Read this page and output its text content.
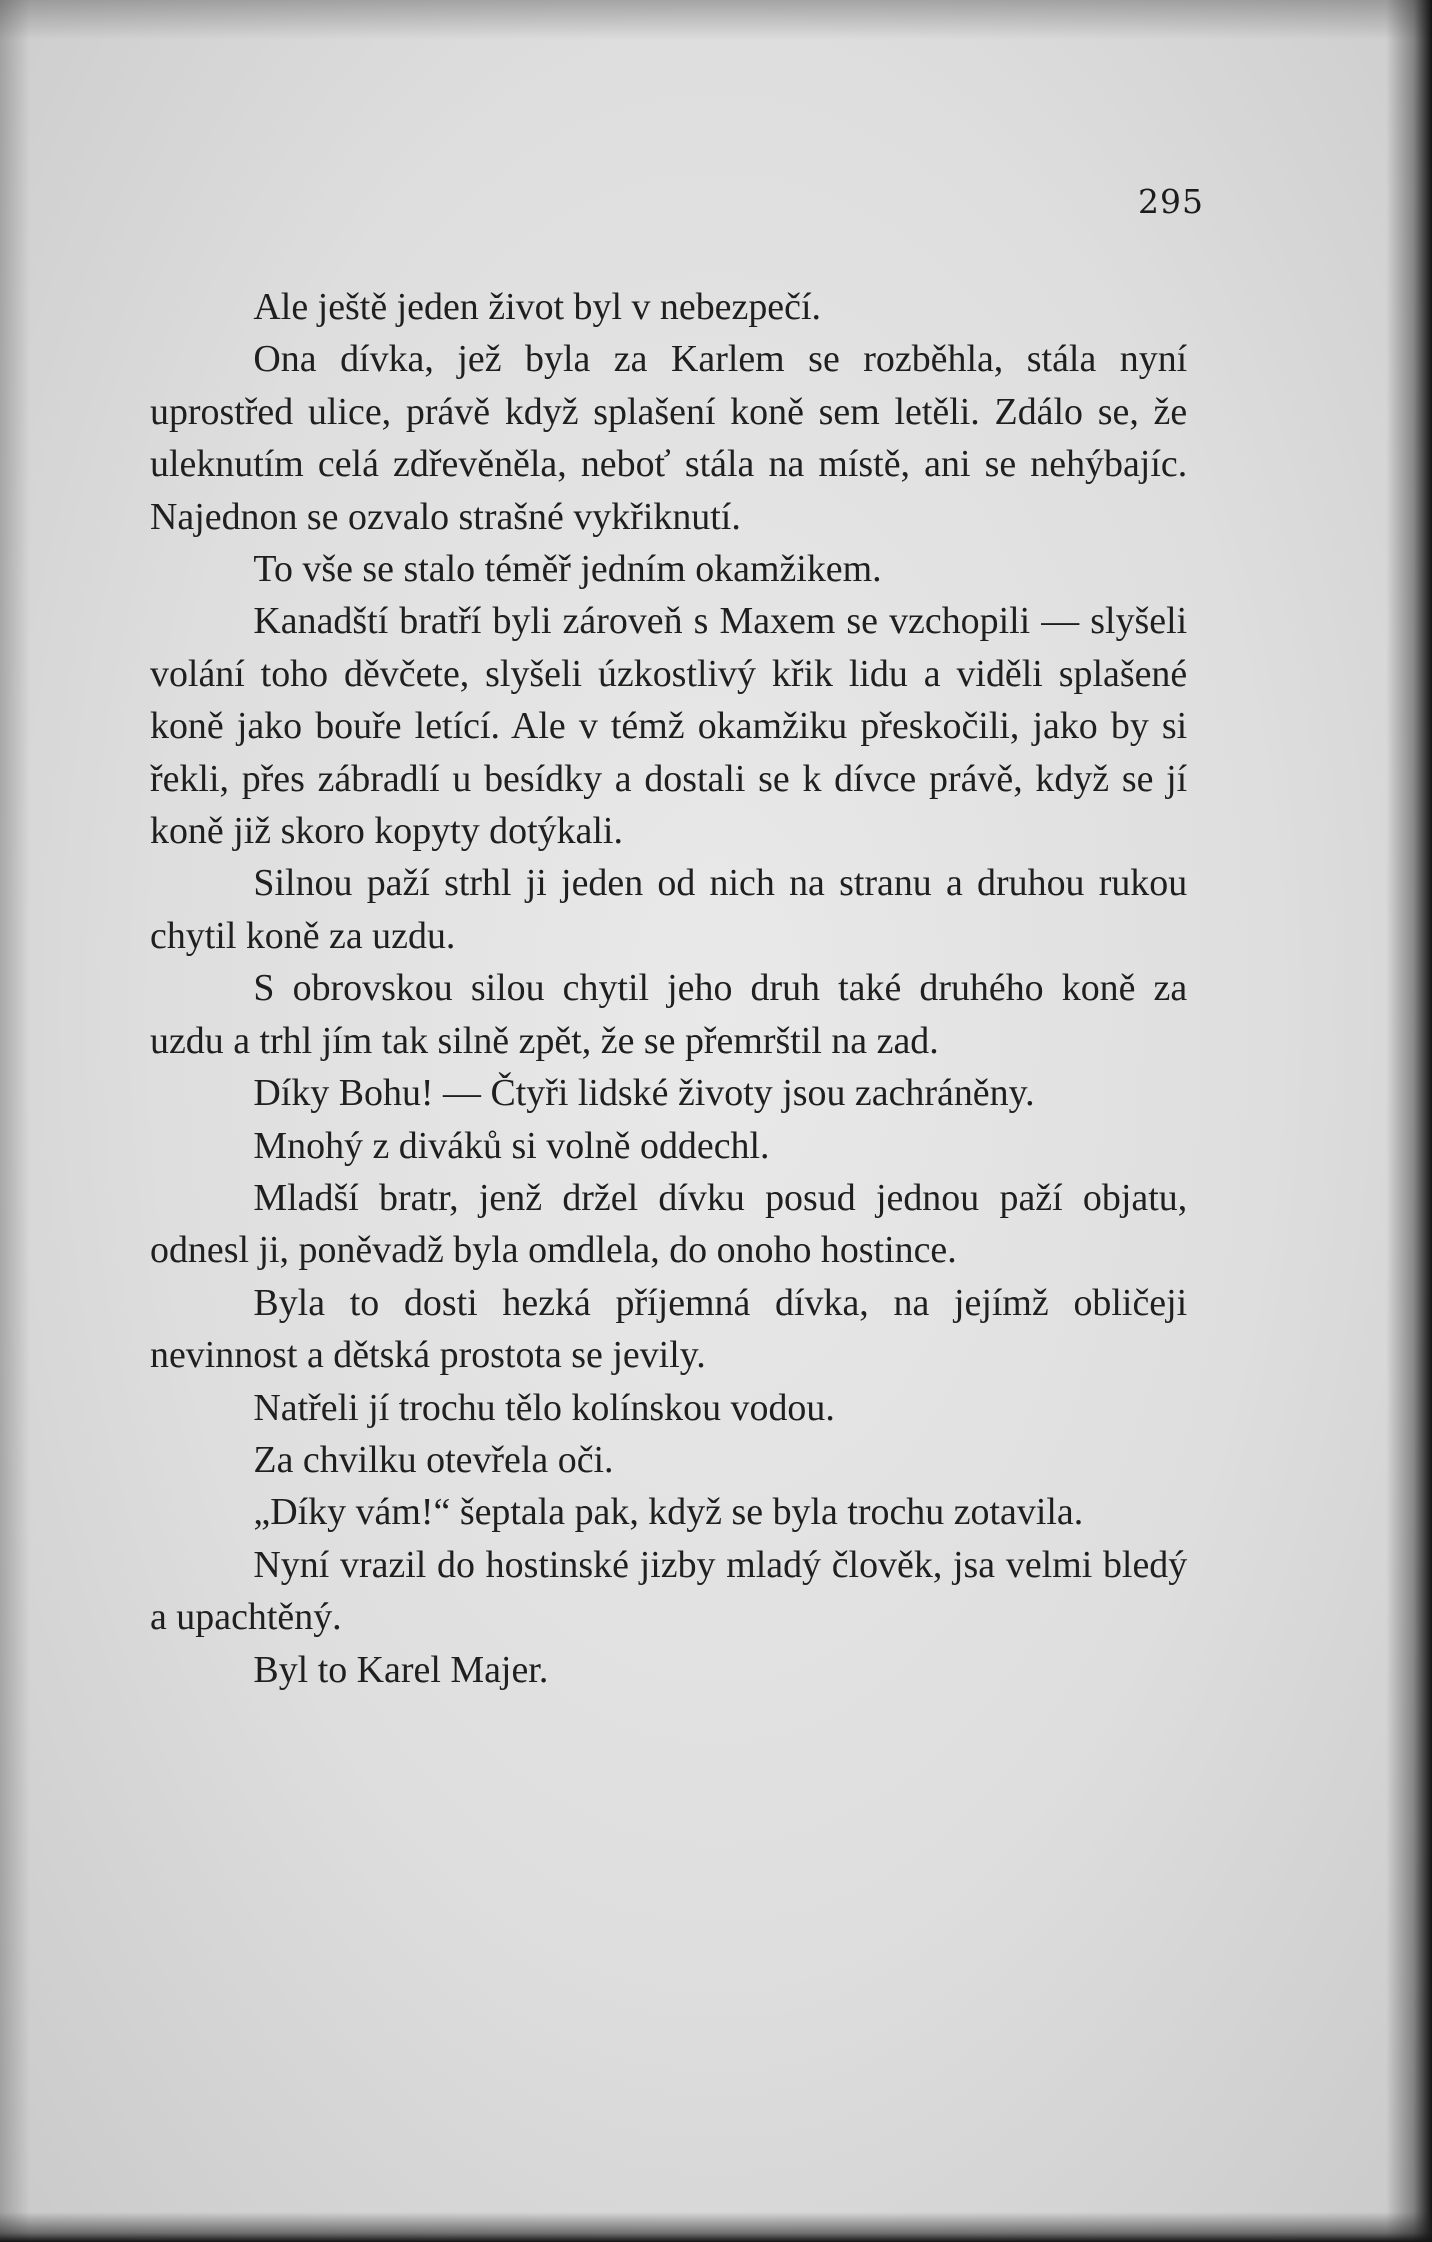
295

Ale ještě jeden život byl v nebezpečí.

Ona dívka, jež byla za Karlem se rozběhla, stála nyní uprostřed ulice, právě když splašení koně sem letěli. Zdálo se, že uleknutím celá zdřevěněla, neboť stála na místě, ani se nehýbajíc. Najednon se ozvalo strašné vykřiknutí.

To vše se stalo téměř jedním okamžikem.

Kanadští bratří byli zároveň s Maxem se vzchopili — slyšeli volání toho děvčete, slyšeli úzkostlivý křik lidu a viděli splašené koně jako bouře letící. Ale v témž okamžiku přeskočili, jako by si řekli, přes zábradlí u besídky a dostali se k dívce právě, když se jí koně již skoro kopyty dotýkali.

Silnou paží strhl ji jeden od nich na stranu a druhou rukou chytil koně za uzdu.

S obrovskou silou chytil jeho druh také druhého koně za uzdu a trhl jím tak silně zpět, že se přemrštil na zad.

Díky Bohu! — Čtyři lidské životy jsou zachráněny.

Mnohý z diváků si volně oddechl.

Mladší bratr, jenž držel dívku posud jednou paží objatu, odnesl ji, poněvadž byla omdlela, do onoho hostince.

Byla to dosti hezká příjemná dívka, na jejímž obličeji nevinnost a dětská prostota se jevily.

Natřeli jí trochu tělo kolínskou vodou.

Za chvilku otevřela oči.

„Díky vám!“ šeptala pak, když se byla trochu zotavila.

Nyní vrazil do hostinské jizby mladý člověk, jsa velmi bledý a upachtěný.

Byl to Karel Majer.
